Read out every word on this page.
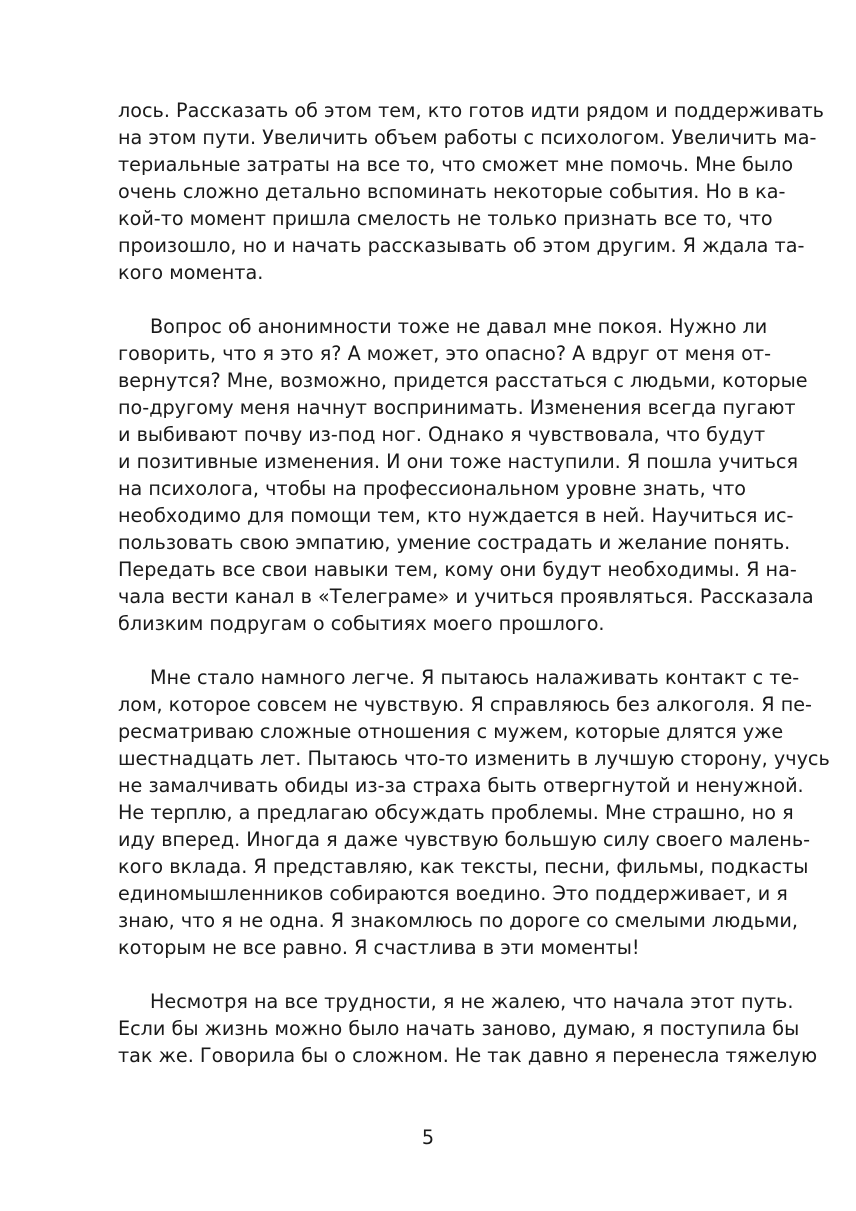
лось. Рассказать об этом тем, кто готов идти рядом и поддерживать
на этом пути. Увеличить объем работы с психологом. Увеличить ма-
териальные затраты на все то, что сможет мне помочь. Мне было
очень сложно детально вспоминать некоторые события. Но в ка-
кой-то момент пришла смелость не только признать все то, что
произошло, но и начать рассказывать об этом другим. Я ждала та-
кого момента.
Вопрос об анонимности тоже не давал мне покоя. Нужно ли
говорить, что я это я? А может, это опасно? А вдруг от меня от-
вернутся? Мне, возможно, придется расстаться с людьми, которые
по-другому меня начнут воспринимать. Изменения всегда пугают
и выбивают почву из-под ног. Однако я чувствовала, что будут
и позитивные изменения. И они тоже наступили. Я пошла учиться
на психолога, чтобы на профессиональном уровне знать, что
необходимо для помощи тем, кто нуждается в ней. Научиться ис-
пользовать свою эмпатию, умение сострадать и желание понять.
Передать все свои навыки тем, кому они будут необходимы. Я на-
чала вести канал в «Телеграме» и учиться проявляться. Рассказала
близким подругам о событиях моего прошлого.
Мне стало намного легче. Я пытаюсь налаживать контакт с те-
лом, которое совсем не чувствую. Я справляюсь без алкоголя. Я пе-
ресматриваю сложные отношения с мужем, которые длятся уже
шестнадцать лет. Пытаюсь что-то изменить в лучшую сторону, учусь
не замалчивать обиды из-за страха быть отвергнутой и ненужной.
Не терплю, а предлагаю обсуждать проблемы. Мне страшно, но я
иду вперед. Иногда я даже чувствую большую силу своего малень-
кого вклада. Я представляю, как тексты, песни, фильмы, подкасты
единомышленников собираются воедино. Это поддерживает, и я
знаю, что я не одна. Я знакомлюсь по дороге со смелыми людьми,
которым не все равно. Я счастлива в эти моменты!
Несмотря на все трудности, я не жалею, что начала этот путь.
Если бы жизнь можно было начать заново, думаю, я поступила бы
так же. Говорила бы о сложном. Не так давно я перенесла тяжелую
5
